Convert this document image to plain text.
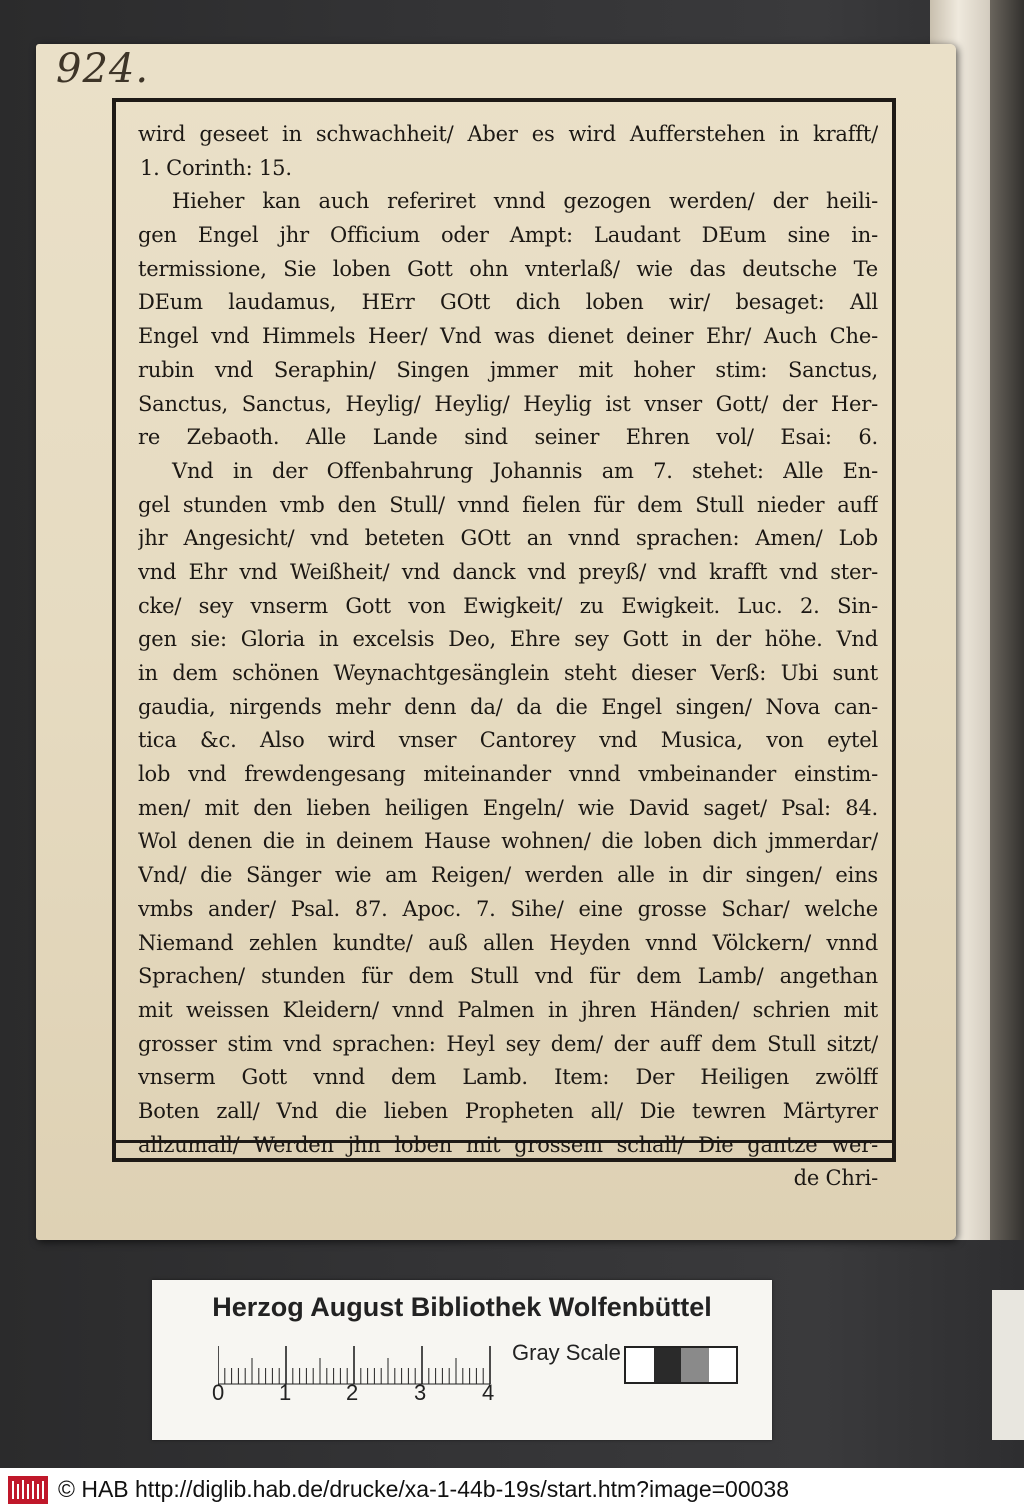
924.
wird geseet in schwachheit/ Aber es wird Aufferstehen in krafft/
1. Corinth: 15.
Hieher kan auch referiret vnnd gezogen werden/ der heili-
gen Engel jhr Officium oder Ampt: Laudant DEum sine in-
termissione, Sie loben Gott ohn vnterlaß/ wie das deutsche Te
DEum laudamus, HErr GOtt dich loben wir/ besaget: All
Engel vnd Himmels Heer/ Vnd was dienet deiner Ehr/ Auch Che-
rubin vnd Seraphin/ Singen jmmer mit hoher stim: Sanctus,
Sanctus, Sanctus, Heylig/ Heylig/ Heylig ist vnser Gott/ der Her-
re Zebaoth. Alle Lande sind seiner Ehren vol/ Esai: 6.
Vnd in der Offenbahrung Johannis am 7. stehet: Alle En-
gel stunden vmb den Stull/ vnnd fielen für dem Stull nieder auff
jhr Angesicht/ vnd beteten GOtt an vnnd sprachen: Amen/ Lob
vnd Ehr vnd Weißheit/ vnd danck vnd preyß/ vnd krafft vnd ster-
cke/ sey vnserm Gott von Ewigkeit/ zu Ewigkeit. Luc. 2. Sin-
gen sie: Gloria in excelsis Deo, Ehre sey Gott in der höhe. Vnd
in dem schönen Weynachtgesänglein steht dieser Verß: Ubi sunt
gaudia, nirgends mehr denn da/ da die Engel singen/ Nova can-
tica &c. Also wird vnser Cantorey vnd Musica, von eytel
lob vnd frewdengesang miteinander vnnd vmbeinander einstim-
men/ mit den lieben heiligen Engeln/ wie David saget/ Psal: 84.
Wol denen die in deinem Hause wohnen/ die loben dich jmmerdar/
Vnd/ die Sänger wie am Reigen/ werden alle in dir singen/ eins
vmbs ander/ Psal. 87. Apoc. 7. Sihe/ eine grosse Schar/ welche
Niemand zehlen kundte/ auß allen Heyden vnnd Völckern/ vnnd
Sprachen/ stunden für dem Stull vnd für dem Lamb/ angethan
mit weissen Kleidern/ vnnd Palmen in jhren Händen/ schrien mit
grosser stim vnd sprachen: Heyl sey dem/ der auff dem Stull sitzt/
vnserm Gott vnnd dem Lamb. Item: Der Heiligen zwölff
Boten zall/ Vnd die lieben Propheten all/ Die tewren Märtyrer
allzumall/ Werden jhn loben mit grossem schall/ Die gantze wer-
de Chri-
Herzog August Bibliothek Wolfenbüttel
0 1 2	3	4
Gray Scale
© HAB http://diglib.hab.de/drucke/xa-1-44b-19s/start.htm?image=00038
